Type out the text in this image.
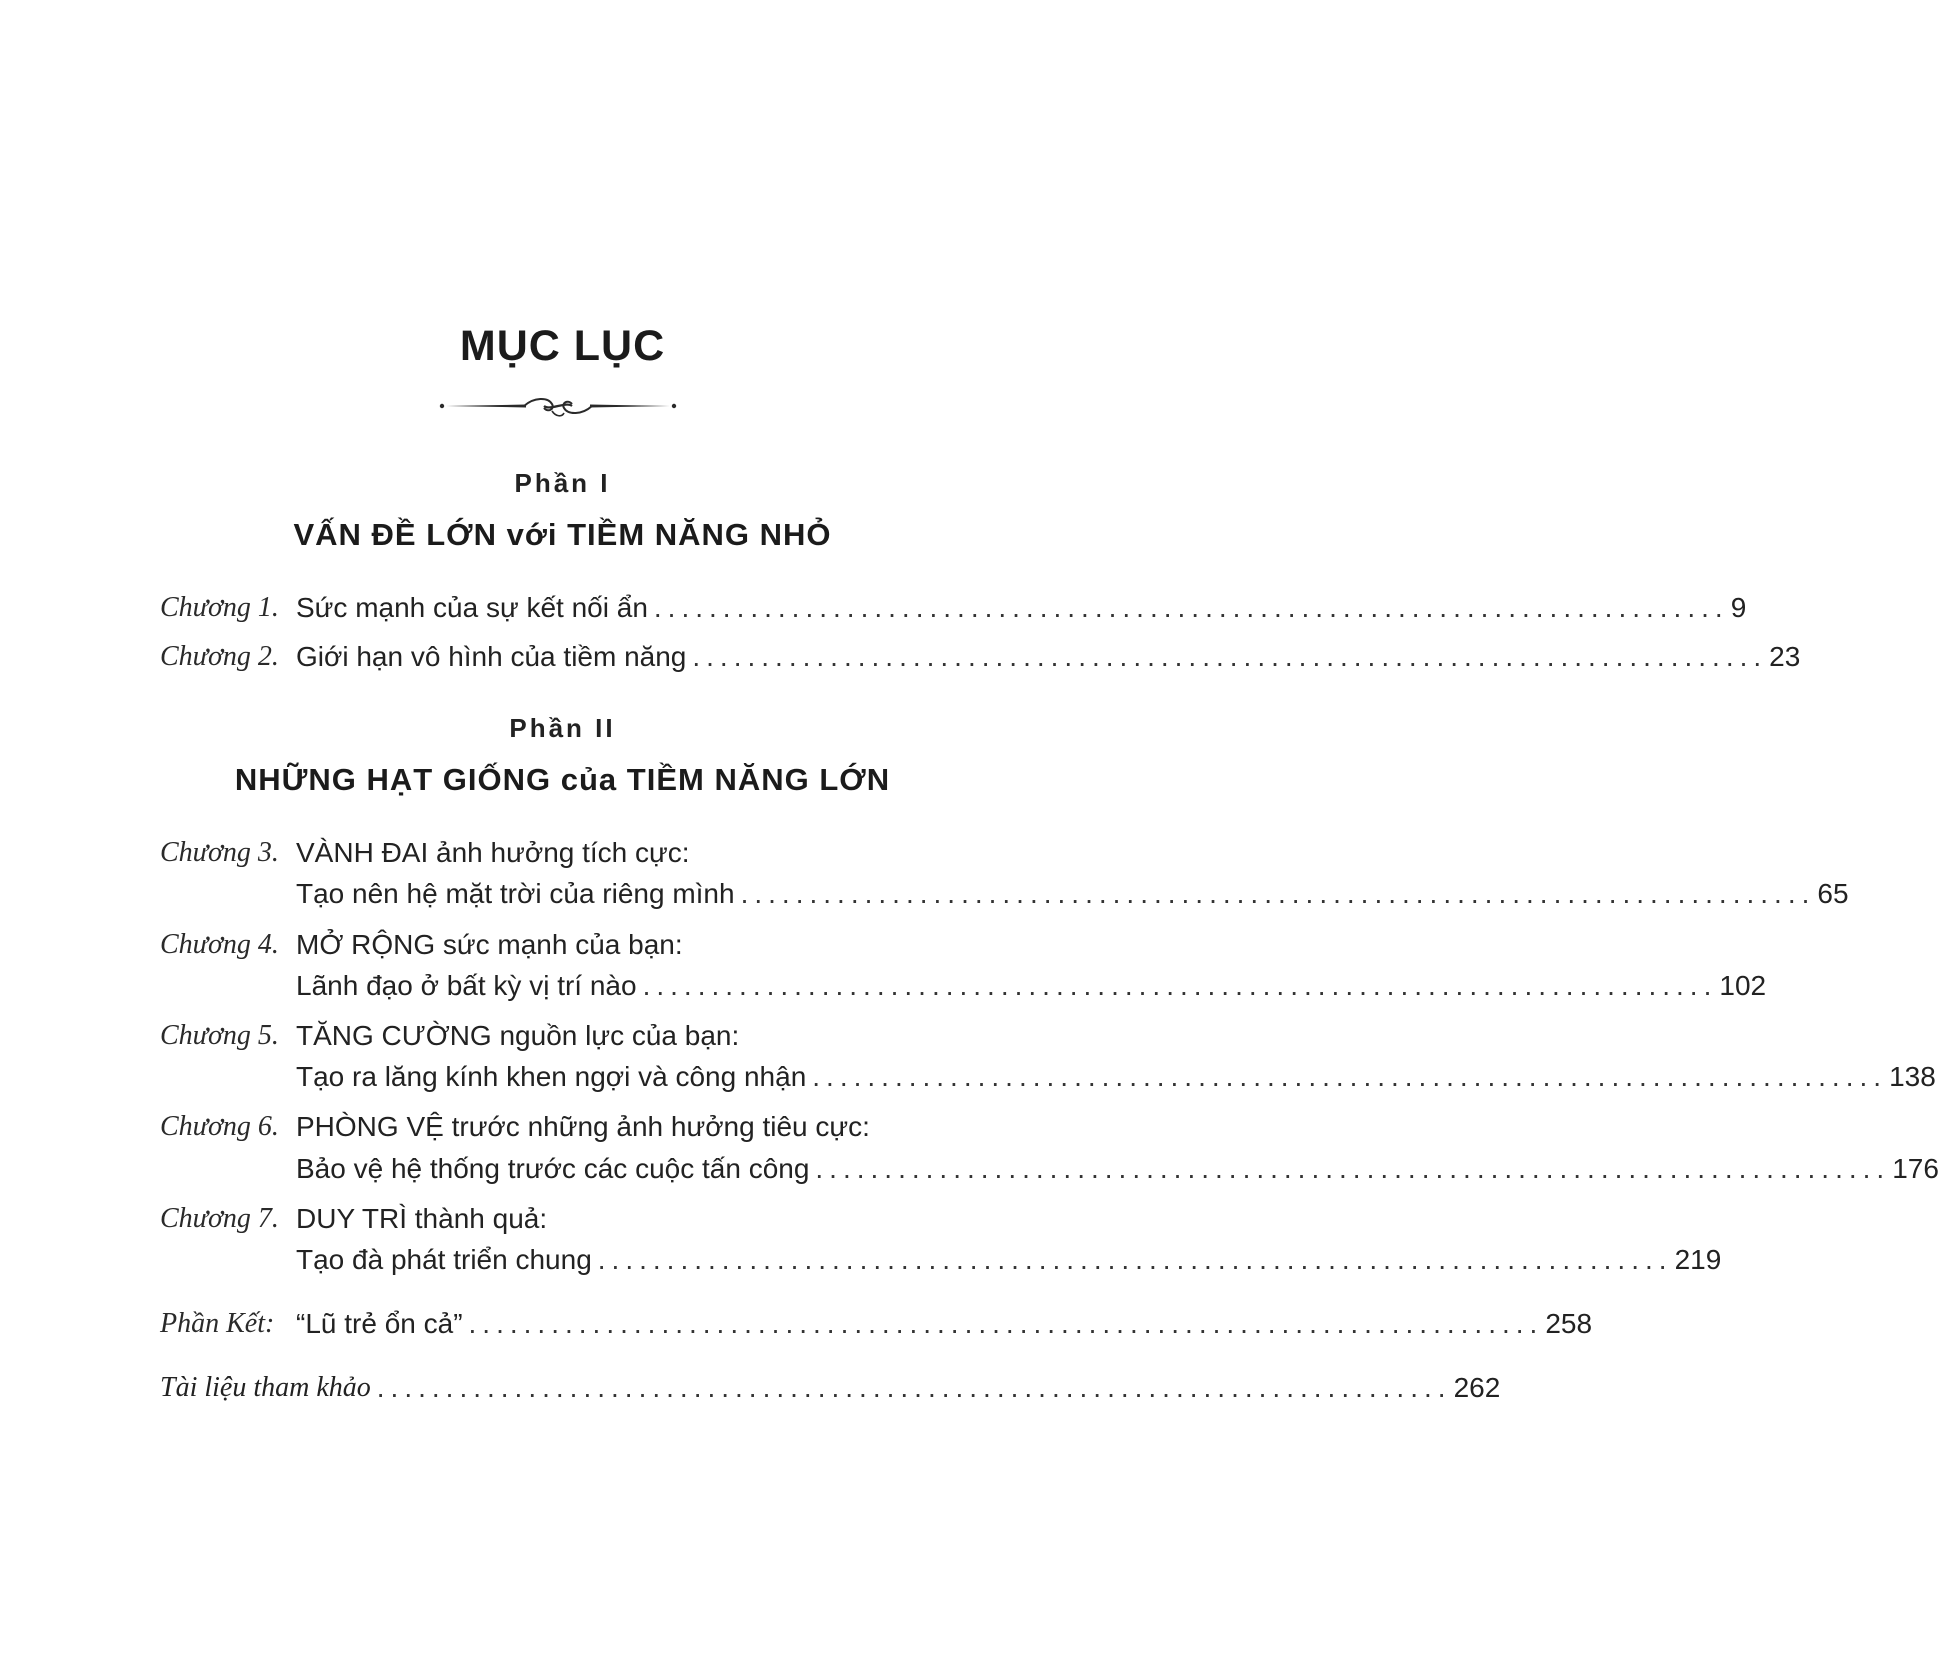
MỤC LỤC
Phần I
VẤN ĐỀ LỚN với TIỀM NĂNG NHỎ
Chương 1. Sức mạnh của sự kết nối ẩn .............................................................................. 9
Chương 2. Giới hạn vô hình của tiềm năng .............................................................................. 23
Phần II
NHỮNG HẠT GIỐNG của TIỀM NĂNG LỚN
Chương 3. VÀNH ĐAI ảnh hưởng tích cực:
Tạo nên hệ mặt trời của riêng mình .............................................................................. 65
Chương 4. MỞ RỘNG sức mạnh của bạn:
Lãnh đạo ở bất kỳ vị trí nào .............................................................................. 102
Chương 5. TĂNG CƯỜNG nguồn lực của bạn:
Tạo ra lăng kính khen ngợi và công nhận .............................................................................. 138
Chương 6. PHÒNG VỆ trước những ảnh hưởng tiêu cực:
Bảo vệ hệ thống trước các cuộc tấn công .............................................................................. 176
Chương 7. DUY TRÌ thành quả:
Tạo đà phát triển chung .............................................................................. 219
Phần Kết: “Lũ trẻ ổn cả” .............................................................................. 258
Tài liệu tham khảo .............................................................................. 262
